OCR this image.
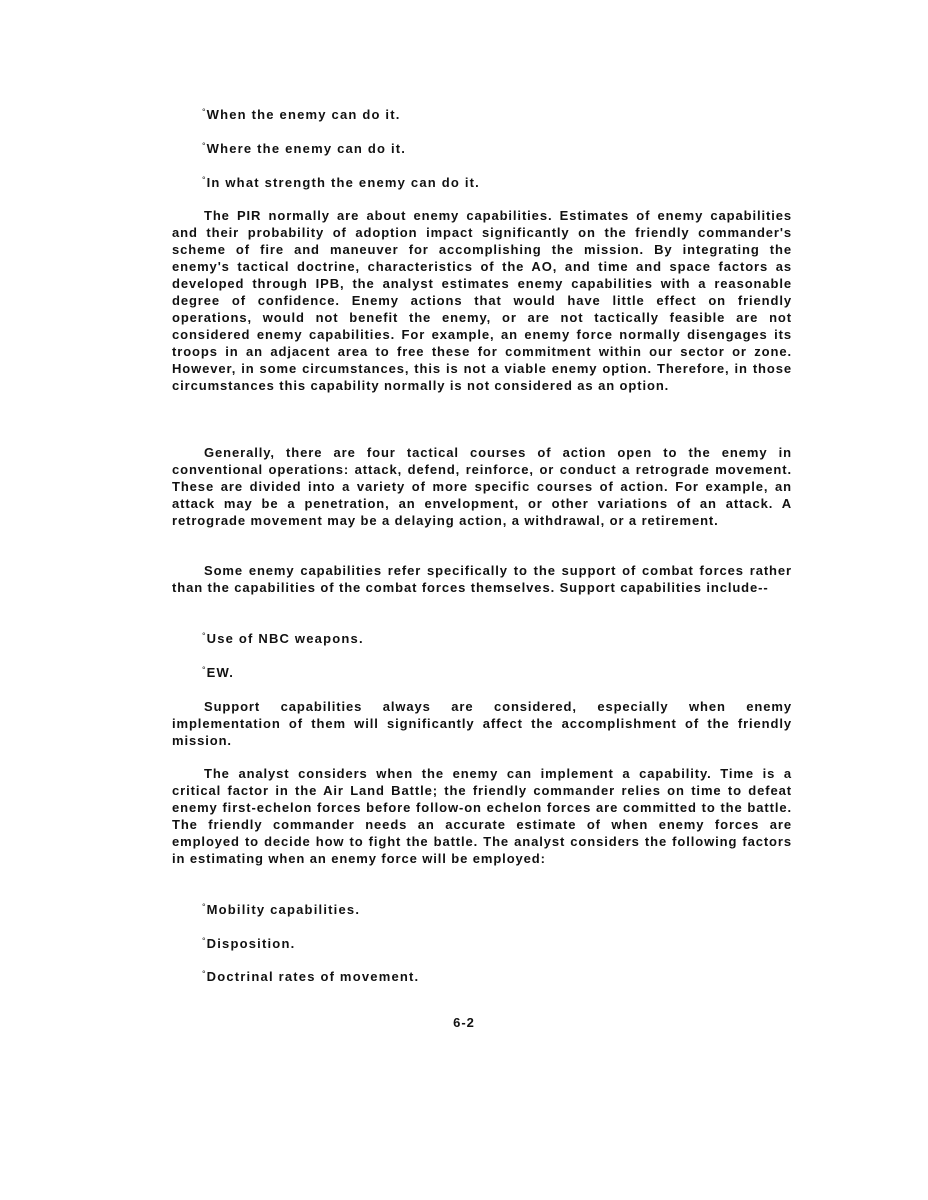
°When the enemy can do it.
°Where the enemy can do it.
°In what strength the enemy can do it.

The PIR normally are about enemy capabilities. Estimates of enemy capabilities and their probability of adoption impact significantly on the friendly commander's scheme of fire and maneuver for accomplishing the mission. By integrating the enemy's tactical doctrine, characteristics of the AO, and time and space factors as developed through IPB, the analyst estimates enemy capabilities with a reasonable degree of confidence. Enemy actions that would have little effect on friendly operations, would not benefit the enemy, or are not tactically feasible are not considered enemy capabilities. For example, an enemy force normally disengages its troops in an adjacent area to free these for commitment within our sector or zone. However, in some circumstances, this is not a viable enemy option. Therefore, in those circumstances this capability normally is not considered as an option.

Generally, there are four tactical courses of action open to the enemy in conventional operations: attack, defend, reinforce, or conduct a retrograde movement. These are divided into a variety of more specific courses of action. For example, an attack may be a penetration, an envelopment, or other variations of an attack. A retrograde movement may be a delaying action, a withdrawal, or a retirement.

Some enemy capabilities refer specifically to the support of combat forces rather than the capabilities of the combat forces themselves. Support capabilities include--

°Use of NBC weapons.
°EW.

Support capabilities always are considered, especially when enemy implementation of them will significantly affect the accomplishment of the friendly mission.

The analyst considers when the enemy can implement a capability. Time is a critical factor in the Air Land Battle; the friendly commander relies on time to defeat enemy first-echelon forces before follow-on echelon forces are committed to the battle. The friendly commander needs an accurate estimate of when enemy forces are employed to decide how to fight the battle. The analyst considers the following factors in estimating when an enemy force will be employed:

°Mobility capabilities.
°Disposition.
°Doctrinal rates of movement.
6-2
